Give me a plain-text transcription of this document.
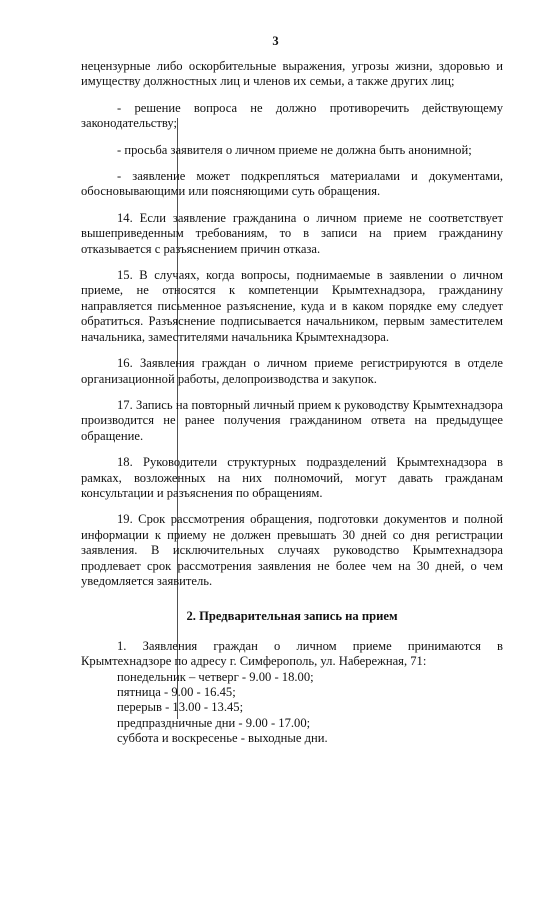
3

нецензурные либо оскорбительные выражения, угрозы жизни, здоровью и имуществу должностных лиц и членов их семьи, а также других лиц;

- решение вопроса не должно противоречить действующему законодательству;

- просьба заявителя о личном приеме не должна быть анонимной;

- заявление может подкрепляться материалами и документами, обосновывающими или поясняющими суть обращения.

14. Если заявление гражданина о личном приеме не соответствует вышеприведенным требованиям, то в записи на прием гражданину отказывается с разъяснением причин отказа.

15. В случаях, когда вопросы, поднимаемые в заявлении о личном приеме, не относятся к компетенции Крымтехнадзора, гражданину направляется письменное разъяснение, куда и в каком порядке ему следует обратиться. Разъяснение подписывается начальником, первым заместителем начальника, заместителями начальника Крымтехнадзора.

16. Заявления граждан о личном приеме регистрируются в отделе организационной работы, делопроизводства и закупок.

17. Запись на повторный личный прием к руководству Крымтехнадзора производится не ранее получения гражданином ответа на предыдущее обращение.

18. Руководители структурных подразделений Крымтехнадзора в рамках, возложенных на них полномочий, могут давать гражданам консультации и разъяснения по обращениям.

19. Срок рассмотрения обращения, подготовки документов и полной информации к приему не должен превышать 30 дней со дня регистрации заявления. В исключительных случаях руководство Крымтехнадзора продлевает срок рассмотрения заявления не более чем на 30 дней, о чем уведомляется заявитель.

2. Предварительная запись на прием

1. Заявления граждан о личном приеме принимаются в Крымтехнадзоре по адресу г. Симферополь, ул. Набережная, 71:

понедельник – четверг - 9.00 - 18.00;

пятница - 9.00 - 16.45;

перерыв - 13.00 - 13.45;

предпраздничные дни - 9.00 - 17.00;

суббота и воскресенье - выходные дни.
